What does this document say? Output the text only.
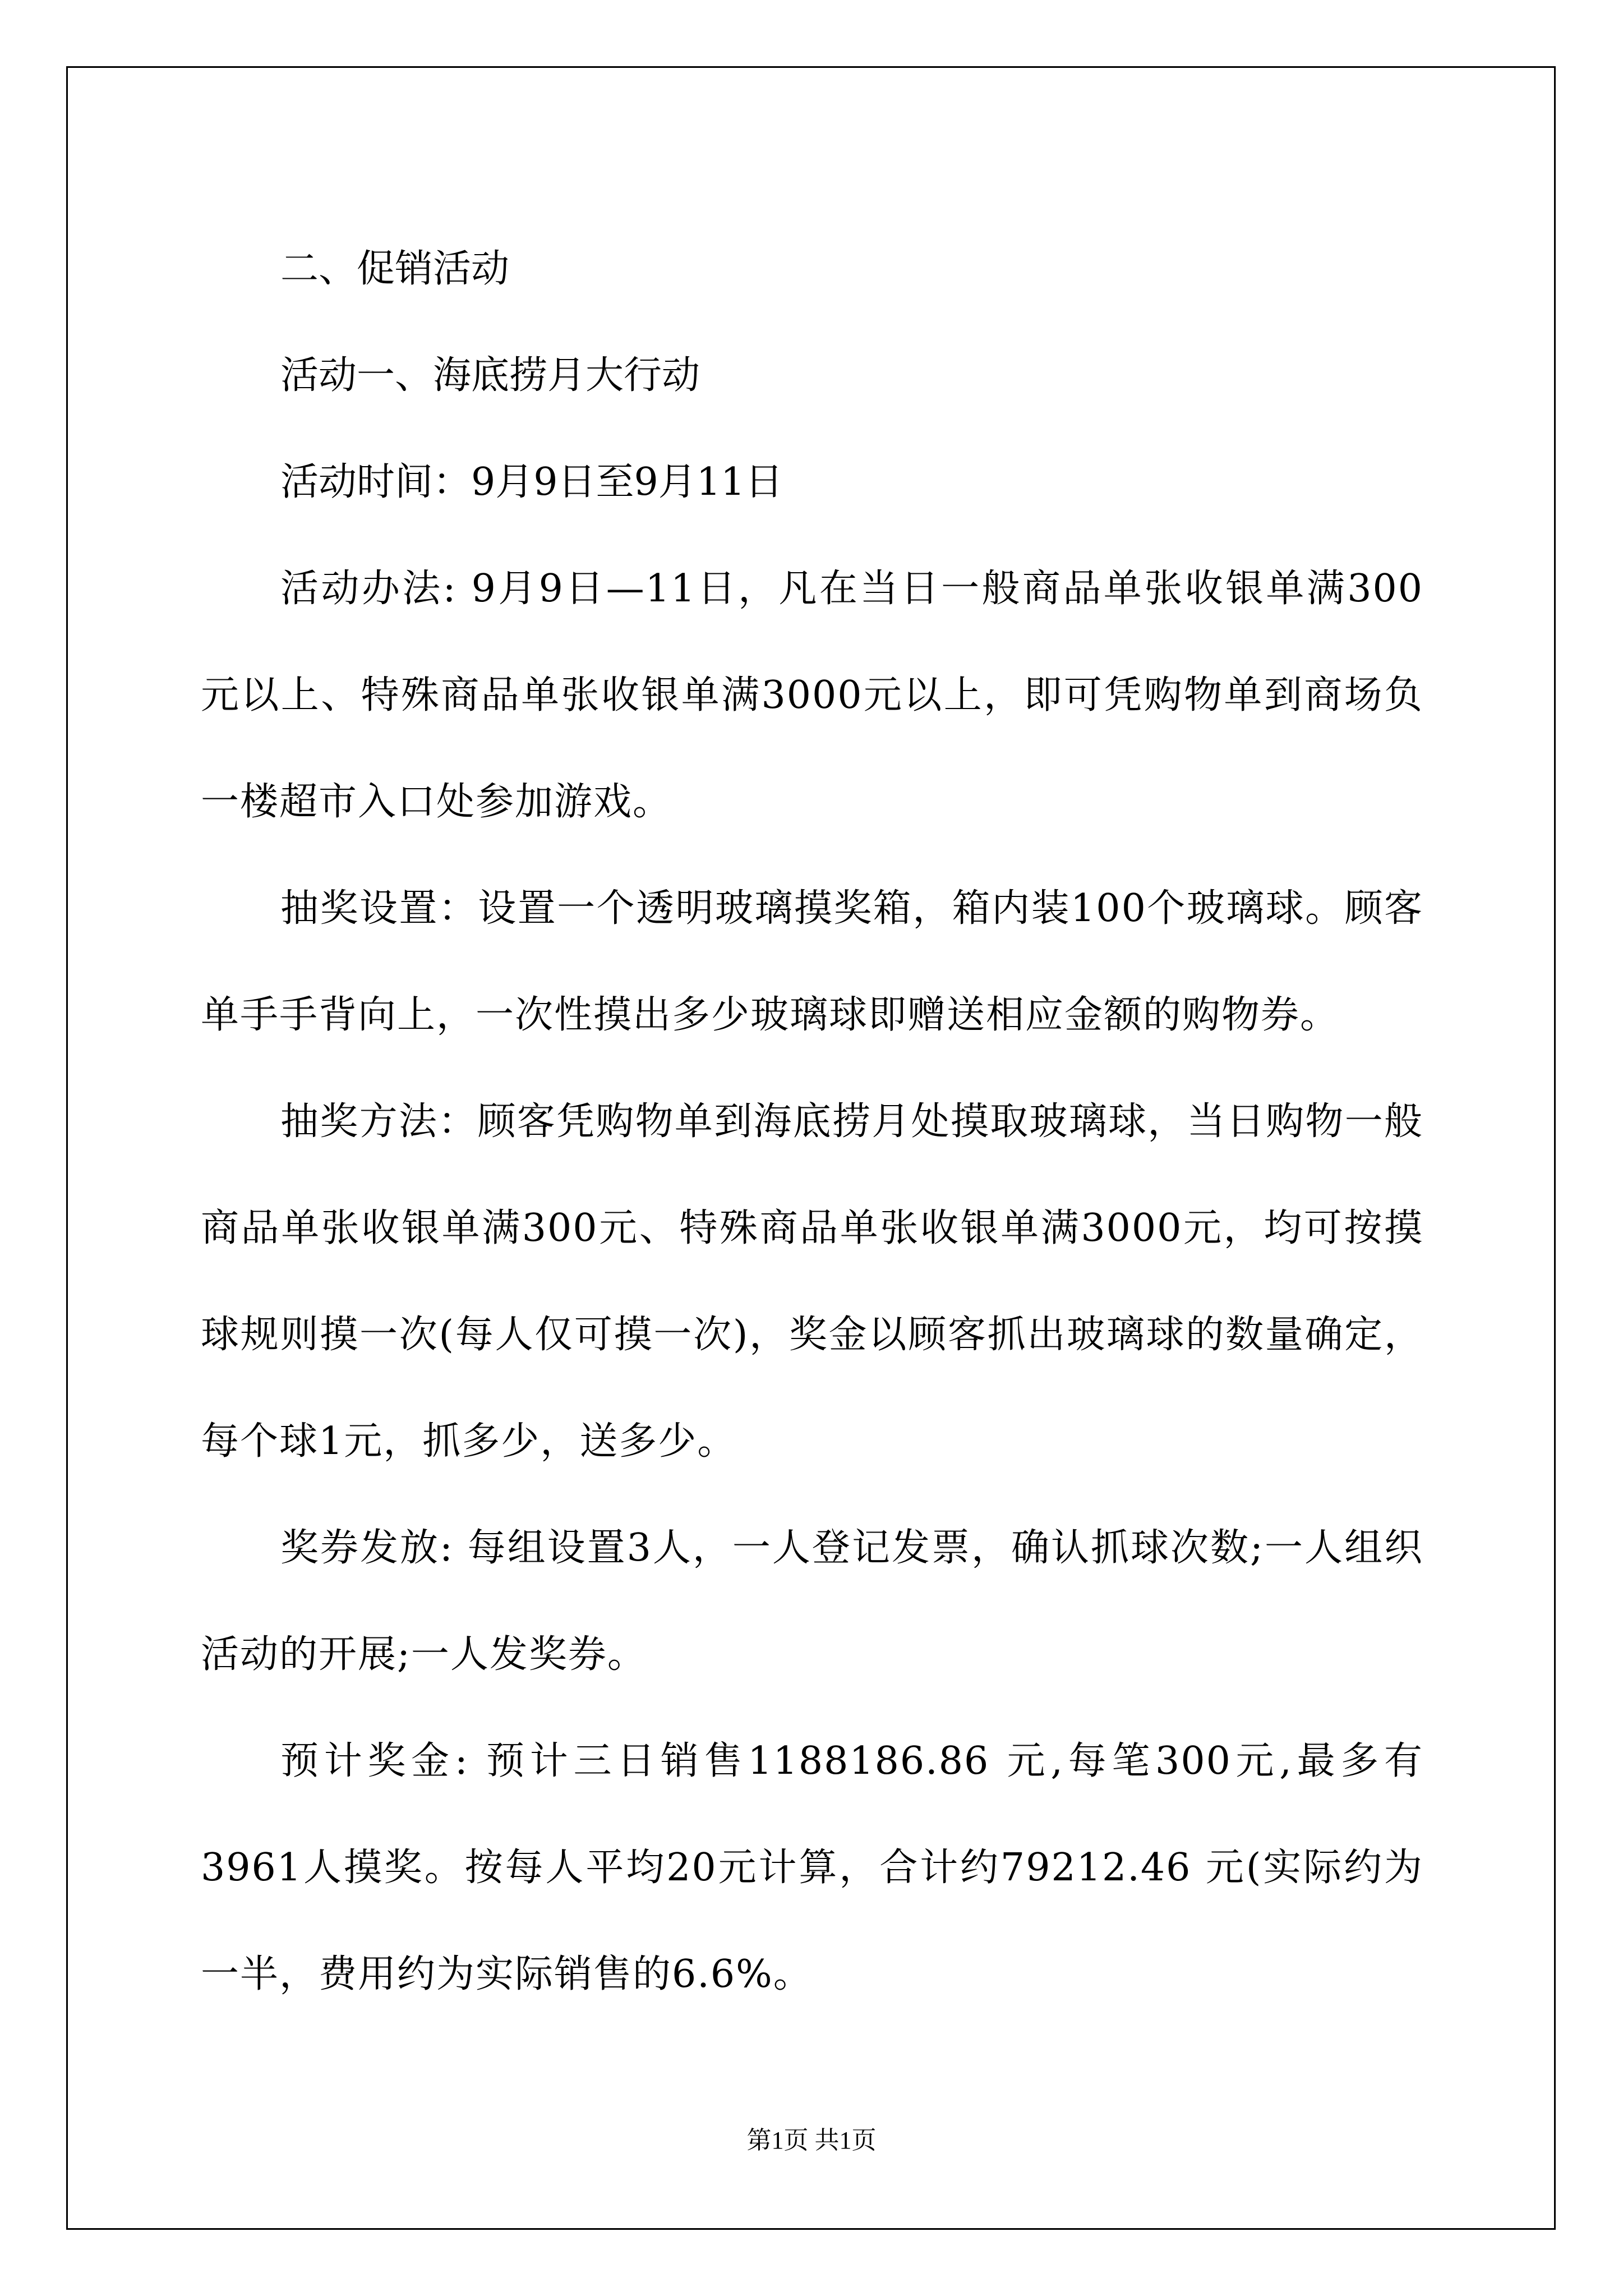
二、促销活动

活动一、海底捞月大行动

活动时间：9月9日至9月11日

活动办法: 9月9日—11日，凡在当日一般商品单张收银单满300元以上、特殊商品单张收银单满3000元以上，即可凭购物单到商场负一楼超市入口处参加游戏。

抽奖设置：设置一个透明玻璃摸奖箱，箱内装100个玻璃球。顾客单手手背向上，一次性摸出多少玻璃球即赠送相应金额的购物券。

抽奖方法：顾客凭购物单到海底捞月处摸取玻璃球，当日购物一般商品单张收银单满300元、特殊商品单张收银单满3000元，均可按摸球规则摸一次(每人仅可摸一次)，奖金以顾客抓出玻璃球的数量确定，每个球1元，抓多少，送多少。

奖券发放: 每组设置3人，一人登记发票，确认抓球次数;一人组织活动的开展;一人发奖券。

预计奖金: 预计三日销售1188186.86 元,每笔300元,最多有3961人摸奖。按每人平均20元计算，合计约79212.46 元(实际约为一半，费用约为实际销售的6.6%。

第1页 共1页
